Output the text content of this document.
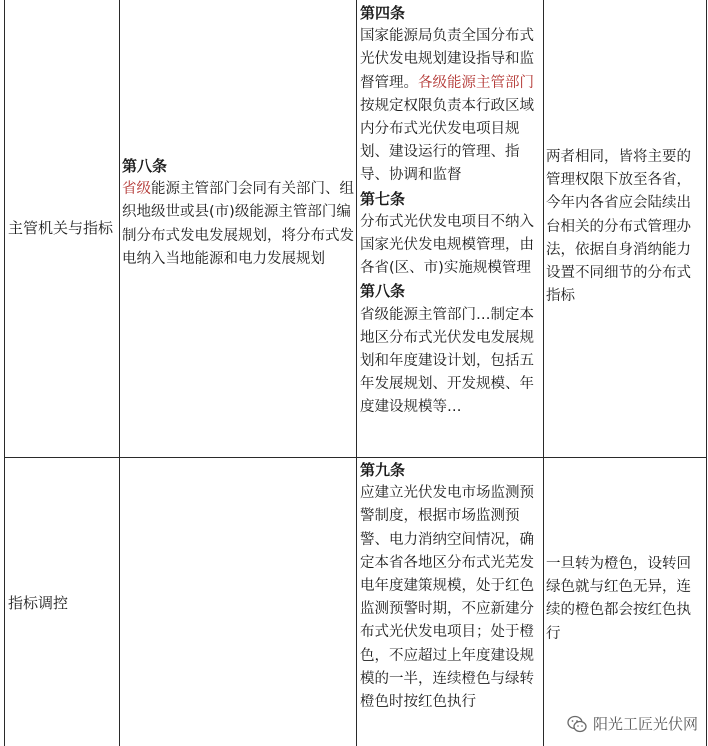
主管机关与指标
第八条
省级能源主管部门会同有关部门、组织地级世或县(市)级能源主管部门编制分布式发电发展规划，将分布式发电纳入当地能源和电力发展规划
第四条
国家能源局负责全国分布式光伏发电规划建设指导和监督管理。各级能源主管部门按规定权限负责本行政区域内分布式光伏发电项目规划、建设运行的管理、指导、协调和监督
第七条
分布式光伏发电项目不纳入国家光伏发电规模管理，由各省(区、市)实施规模管理
第八条
省级能源主管部门…制定本地区分布式光伏发电发展规划和年度建设计划，包括五年发展规划、开发规模、年度建设规模等…
两者相同，皆将主要的管理权限下放至各省，今年内各省应会陆续出台相关的分布式管理办法，依据自身消纳能力设置不同细节的分布式指标
指标调控
第九条
应建立光伏发电市场监测预警制度，根据市场监测预警、电力消纳空间情况，确定本省各地区分布式光芜发电年度建策规模，处于红色监测预警时期，不应新建分布式光伏发电项目；处于橙色，不应超过上年度建设规模的一半，连续橙色与绿转橙色时按红色执行
一旦转为橙色，设转回绿色就与红色无异，连续的橙色都会按红色执行
阳光工匠光伏网
